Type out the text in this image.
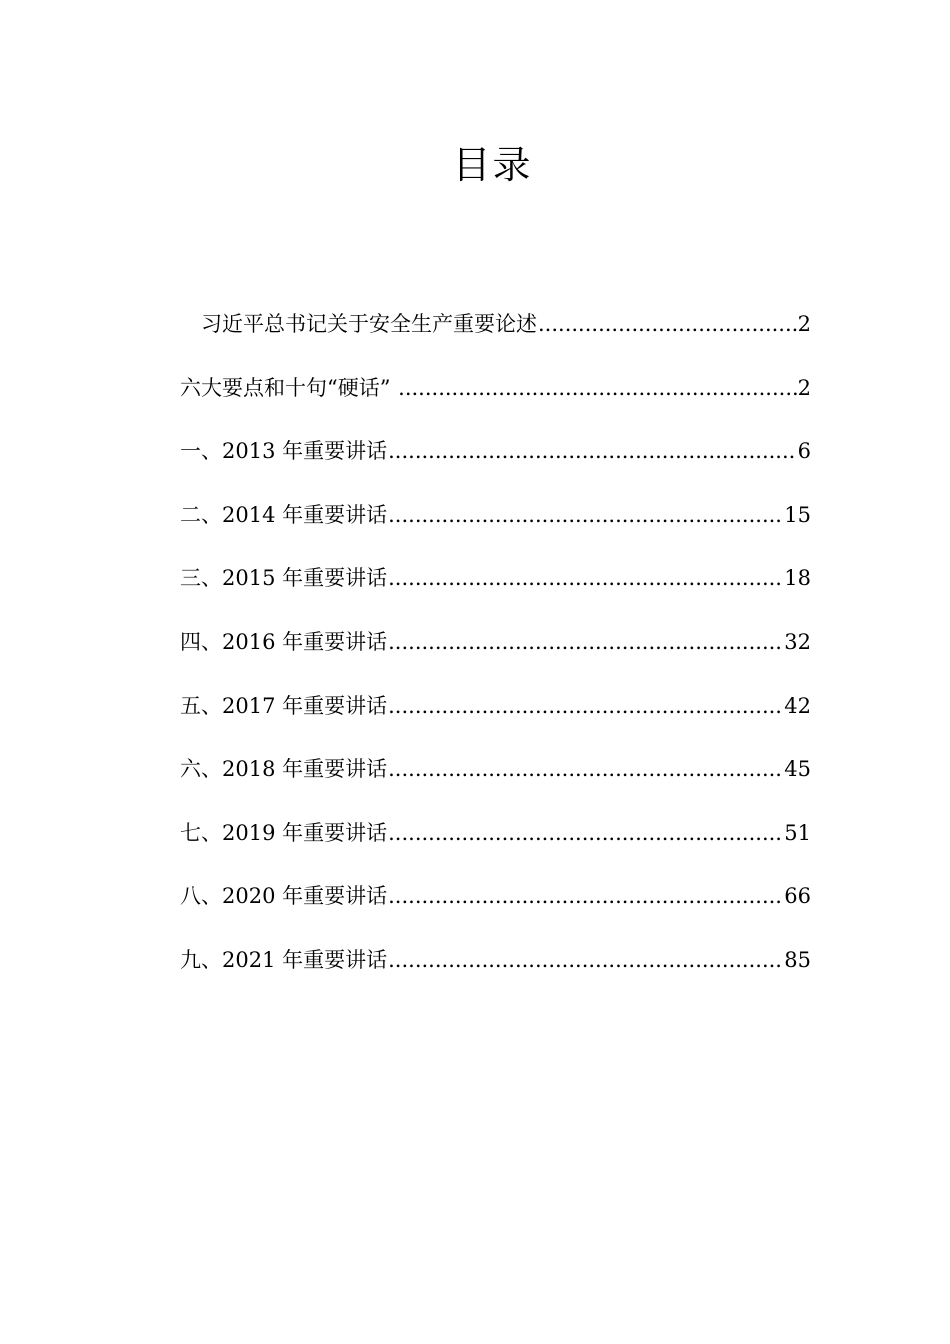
目录
习近平总书记关于安全生产重要论述 .....	2
六大要点和十句“硬话” .....	2
一、2013 年重要讲话 .....	6
二、2014 年重要讲话 .....	15
三、2015 年重要讲话 .....	18
四、2016 年重要讲话 .....	32
五、2017 年重要讲话 .....	42
六、2018 年重要讲话 .....	45
七、2019 年重要讲话 .....	51
八、2020 年重要讲话 .....	66
九、2021 年重要讲话 .....	85
